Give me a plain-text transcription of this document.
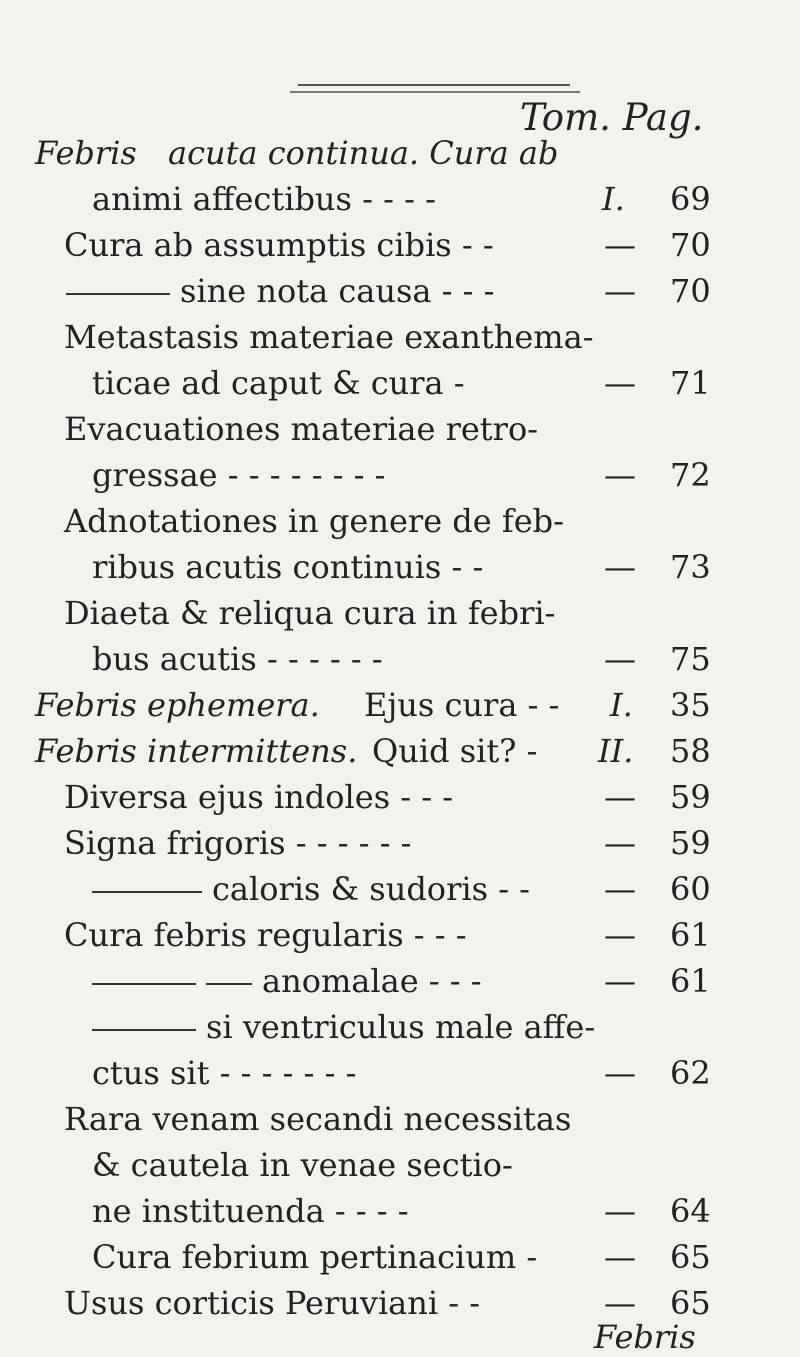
Tom. Pag.
Febris acuta continua. Cura ab
animi affectibus - - - -	I. 69
Cura ab assumptis cibis - -	— 70
sine nota causa - - -	— 70
Metastasis materiae exanthema-
ticae ad caput & cura -	— 71
Evacuationes materiae retro-
gressae - - - - - - - -	— 72
Adnotationes in genere de feb-
ribus acutis continuis - -	— 73
Diaeta & reliqua cura in febri-
bus acutis - - - - - -	— 75
Febris ephemera. Ejus cura - - I. 35
Febris intermittens. Quid sit? - II. 58
Diversa ejus indoles - - -	— 59
Signa frigoris - - - - - -	— 59
caloris & sudoris - - — 60
Cura febris regularis - - -	— 61
anomalae - - -	— 61
si ventriculus male affe-
ctus sit - - - - - - -	— 62
Rara venam secandi necessitas
& cautela in venae sectio-
ne instituenda - - - -	— 64
Cura febrium pertinacium - — 65
Usus corticis Peruviani - -	— 65
Febris
